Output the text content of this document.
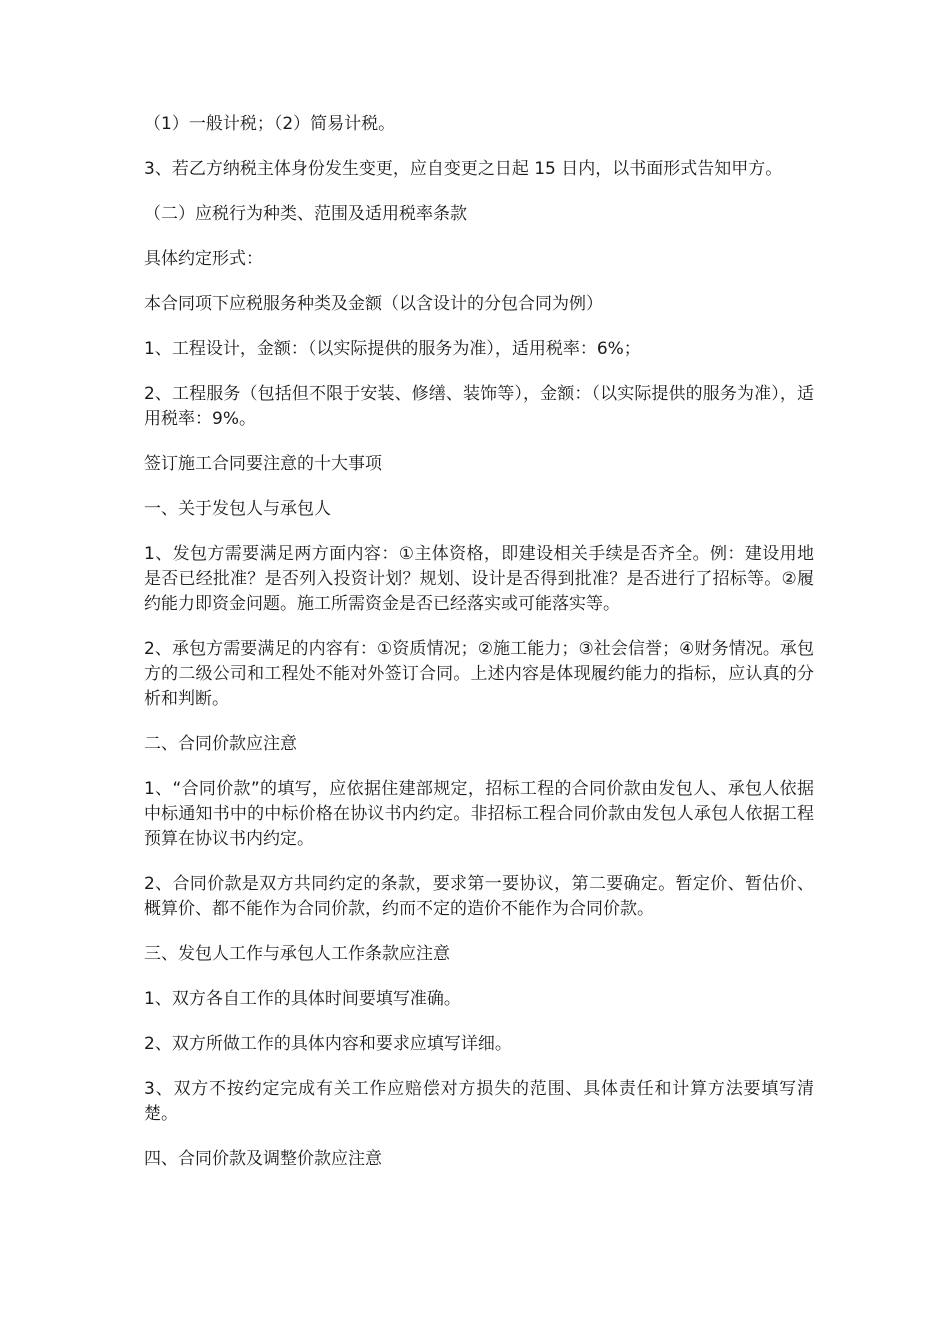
（1）一般计税；（2）简易计税。

3、若乙方纳税主体身份发生变更，应自变更之日起 15 日内，以书面形式告知甲方。

（二）应税行为种类、范围及适用税率条款

具体约定形式：

本合同项下应税服务种类及金额（以含设计的分包合同为例）

1、工程设计，金额：（以实际提供的服务为准），适用税率：6%；

2、工程服务（包括但不限于安装、修缮、装饰等），金额：（以实际提供的服务为准），适用税率：9%。

签订施工合同要注意的十大事项

一、关于发包人与承包人

1、发包方需要满足两方面内容：①主体资格，即建设相关手续是否齐全。例：建设用地是否已经批准？是否列入投资计划？规划、设计是否得到批准？是否进行了招标等。②履约能力即资金问题。施工所需资金是否已经落实或可能落实等。

2、承包方需要满足的内容有：①资质情况；②施工能力；③社会信誉；④财务情况。承包方的二级公司和工程处不能对外签订合同。上述内容是体现履约能力的指标，应认真的分析和判断。

二、合同价款应注意

1、“合同价款”的填写，应依据住建部规定，招标工程的合同价款由发包人、承包人依据中标通知书中的中标价格在协议书内约定。非招标工程合同价款由发包人承包人依据工程预算在协议书内约定。

2、合同价款是双方共同约定的条款，要求第一要协议，第二要确定。暂定价、暂估价、概算价、都不能作为合同价款，约而不定的造价不能作为合同价款。

三、发包人工作与承包人工作条款应注意

1、双方各自工作的具体时间要填写准确。

2、双方所做工作的具体内容和要求应填写详细。

3、双方不按约定完成有关工作应赔偿对方损失的范围、具体责任和计算方法要填写清楚。

四、合同价款及调整价款应注意
